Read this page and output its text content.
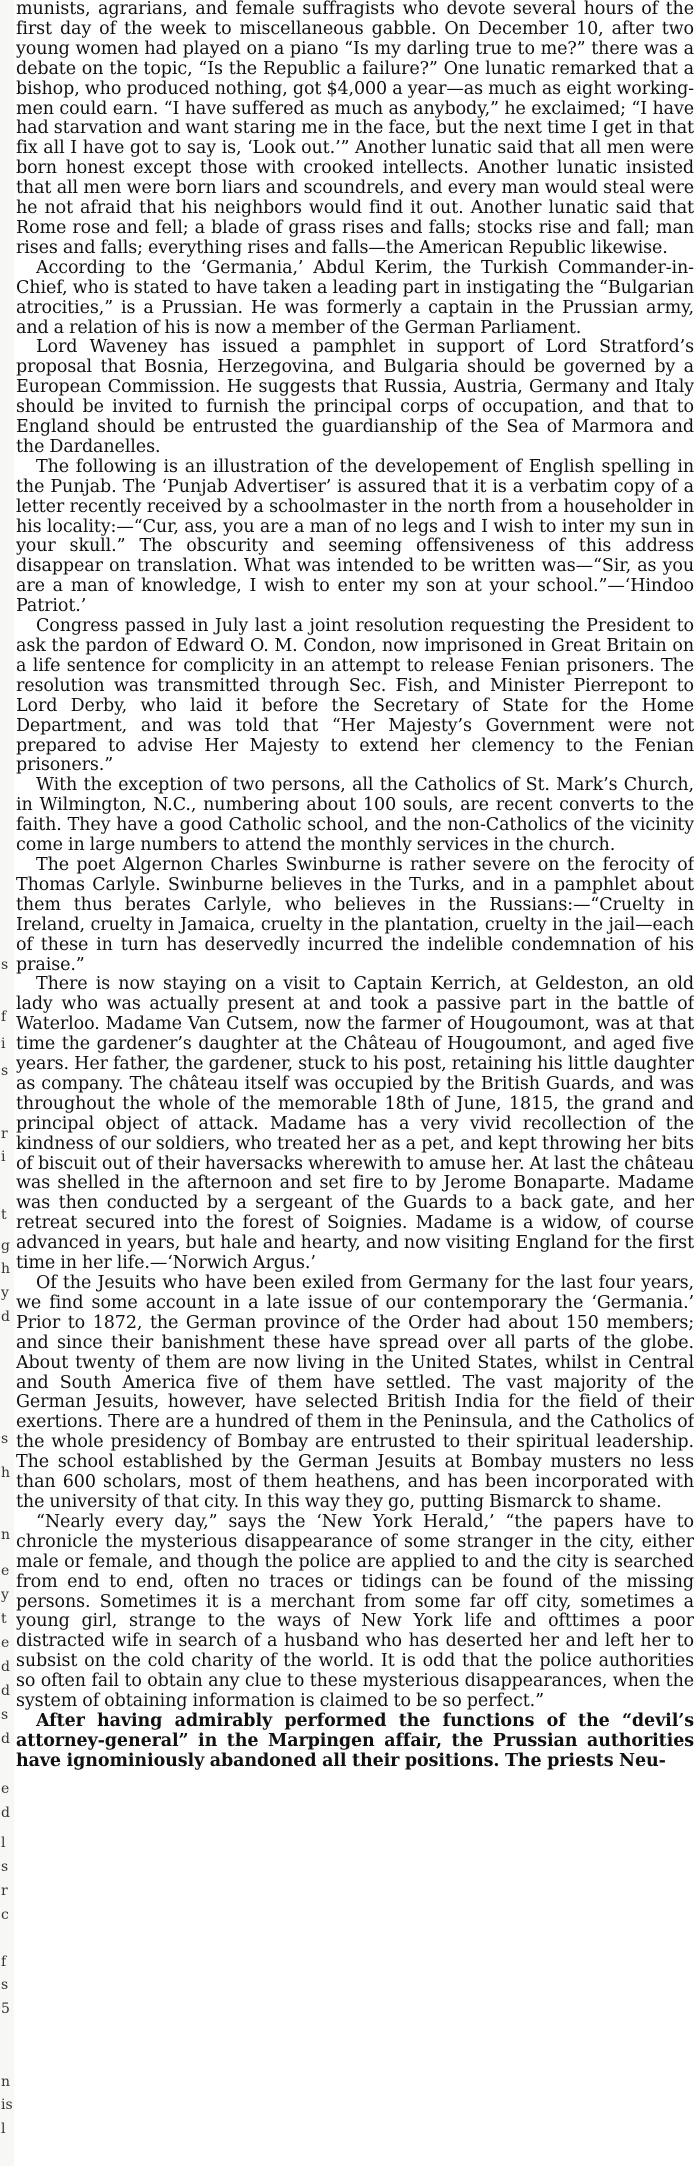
s
f
i
s
r
i
t
g
h
y
d
s
h
n
e
y
t
e
d
d
s
d
e
d
l
s
r
c
f
s
5
n
is
l

munists, agrarians, and female suffragists who devote several hours of the first day of the week to miscellaneous gabble. On December 10, after two young women had played on a piano “Is my darling true to me?” there was a debate on the topic, “Is the Republic a failure?” One lunatic remarked that a bishop, who produced nothing, got $4,000 a year—as much as eight working-men could earn. “I have suffered as much as anybody,” he exclaimed; “I have had starvation and want staring me in the face, but the next time I get in that fix all I have got to say is, ‘Look out.’” Another lunatic said that all men were born honest except those with crooked intellects. Another lunatic insisted that all men were born liars and scoundrels, and every man would steal were he not afraid that his neighbors would find it out. Another lunatic said that Rome rose and fell; a blade of grass rises and falls; stocks rise and fall; man rises and falls; everything rises and falls—the American Republic likewise.

According to the ‘Germania,’ Abdul Kerim, the Turkish Commander-in-Chief, who is stated to have taken a leading part in instigating the “Bulgarian atrocities,” is a Prussian. He was formerly a captain in the Prussian army, and a relation of his is now a member of the German Parliament.

Lord Waveney has issued a pamphlet in support of Lord Stratford’s proposal that Bosnia, Herzegovina, and Bulgaria should be governed by a European Commission. He suggests that Russia, Austria, Germany and Italy should be invited to furnish the principal corps of occupation, and that to England should be entrusted the guardianship of the Sea of Marmora and the Dardanelles.

The following is an illustration of the developement of English spelling in the Punjab. The ‘Punjab Advertiser’ is assured that it is a verbatim copy of a letter recently received by a schoolmaster in the north from a householder in his locality:—“Cur, ass, you are a man of no legs and I wish to inter my sun in your skull.” The obscurity and seeming offensiveness of this address disappear on translation. What was intended to be written was—“Sir, as you are a man of knowledge, I wish to enter my son at your school.”—‘Hindoo Patriot.’

Congress passed in July last a joint resolution requesting the President to ask the pardon of Edward O. M. Condon, now imprisoned in Great Britain on a life sentence for complicity in an attempt to release Fenian prisoners. The resolution was transmitted through Sec. Fish, and Minister Pierrepont to Lord Derby, who laid it before the Secretary of State for the Home Department, and was told that “Her Majesty’s Government were not prepared to advise Her Majesty to extend her clemency to the Fenian prisoners.”

With the exception of two persons, all the Catholics of St. Mark’s Church, in Wilmington, N.C., numbering about 100 souls, are recent converts to the faith. They have a good Catholic school, and the non-Catholics of the vicinity come in large numbers to attend the monthly services in the church.

The poet Algernon Charles Swinburne is rather severe on the ferocity of Thomas Carlyle. Swinburne believes in the Turks, and in a pamphlet about them thus berates Carlyle, who believes in the Russians:—“Cruelty in Ireland, cruelty in Jamaica, cruelty in the plantation, cruelty in the jail—each of these in turn has deservedly incurred the indelible condemnation of his praise.”

There is now staying on a visit to Captain Kerrich, at Geldeston, an old lady who was actually present at and took a passive part in the battle of Waterloo. Madame Van Cutsem, now the farmer of Hougoumont, was at that time the gardener’s daughter at the Château of Hougoumont, and aged five years. Her father, the gardener, stuck to his post, retaining his little daughter as company. The château itself was occupied by the British Guards, and was throughout the whole of the memorable 18th of June, 1815, the grand and principal object of attack. Madame has a very vivid recollection of the kindness of our soldiers, who treated her as a pet, and kept throwing her bits of biscuit out of their haversacks wherewith to amuse her. At last the château was shelled in the afternoon and set fire to by Jerome Bonaparte. Madame was then conducted by a sergeant of the Guards to a back gate, and her retreat secured into the forest of Soignies. Madame is a widow, of course advanced in years, but hale and hearty, and now visiting England for the first time in her life.—‘Norwich Argus.’

Of the Jesuits who have been exiled from Germany for the last four years, we find some account in a late issue of our contemporary the ‘Germania.’ Prior to 1872, the German province of the Order had about 150 members; and since their banishment these have spread over all parts of the globe. About twenty of them are now living in the United States, whilst in Central and South America five of them have settled. The vast majority of the German Jesuits, however, have selected British India for the field of their exertions. There are a hundred of them in the Peninsula, and the Catholics of the whole presidency of Bombay are entrusted to their spiritual leadership. The school established by the German Jesuits at Bombay musters no less than 600 scholars, most of them heathens, and has been incorporated with the university of that city. In this way they go, putting Bismarck to shame.

“Nearly every day,” says the ‘New York Herald,’ “the papers have to chronicle the mysterious disappearance of some stranger in the city, either male or female, and though the police are applied to and the city is searched from end to end, often no traces or tidings can be found of the missing persons. Sometimes it is a merchant from some far off city, sometimes a young girl, strange to the ways of New York life and ofttimes a poor distracted wife in search of a husband who has deserted her and left her to subsist on the cold charity of the world. It is odd that the police authorities so often fail to obtain any clue to these mysterious disappearances, when the system of obtaining information is claimed to be so perfect.”

After having admirably performed the functions of the “devil’s attorney-general” in the Marpingen affair, the Prussian authorities have ignominiously abandoned all their positions. The priests Neu-
